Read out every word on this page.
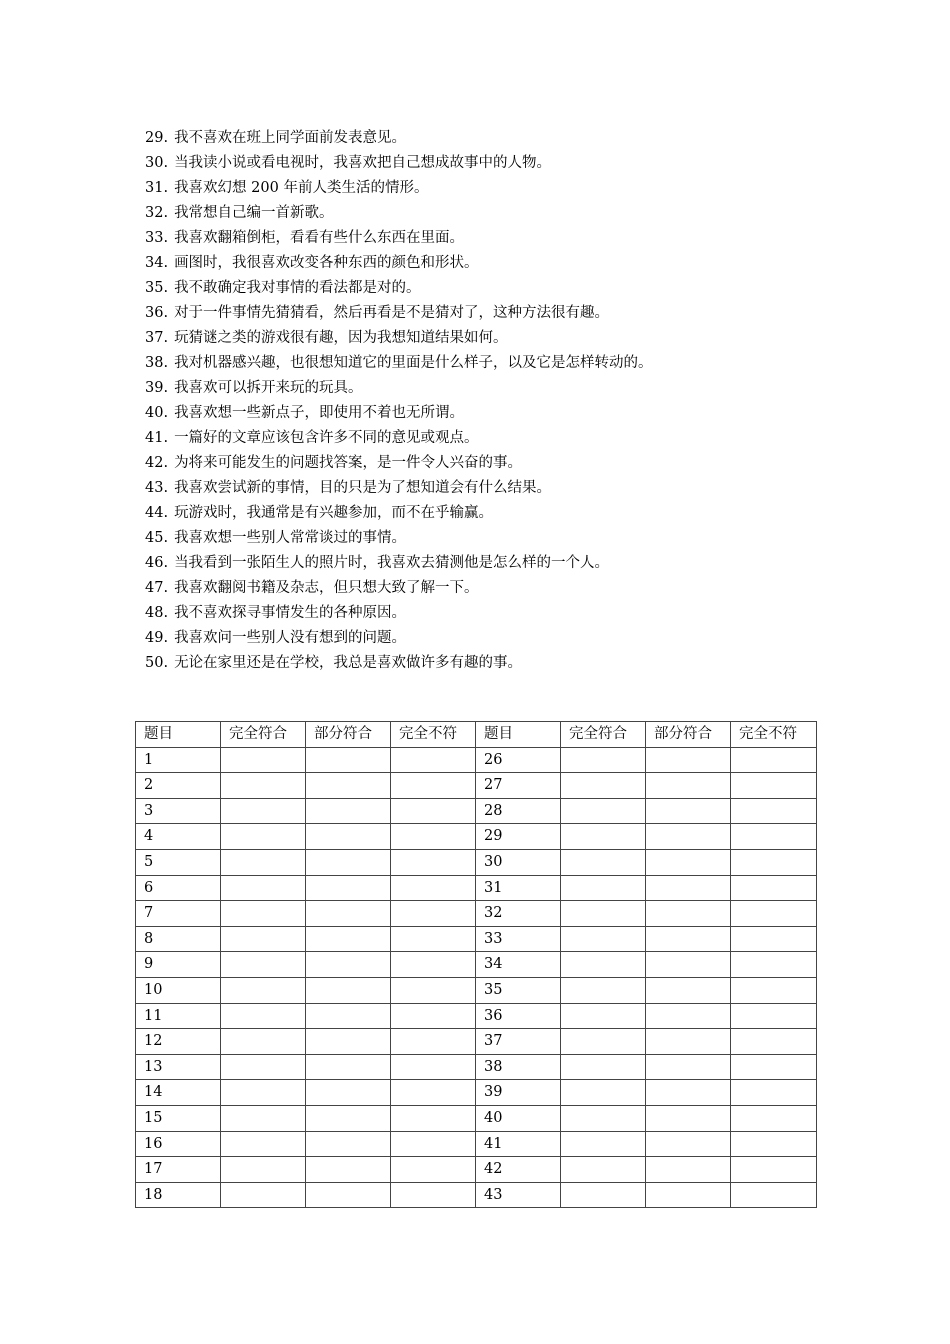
29. 我不喜欢在班上同学面前发表意见。
30. 当我读小说或看电视时，我喜欢把自己想成故事中的人物。
31. 我喜欢幻想 200 年前人类生活的情形。
32. 我常想自己编一首新歌。
33. 我喜欢翻箱倒柜，看看有些什么东西在里面。
34. 画图时，我很喜欢改变各种东西的颜色和形状。
35. 我不敢确定我对事情的看法都是对的。
36. 对于一件事情先猜猜看，然后再看是不是猜对了，这种方法很有趣。
37. 玩猜谜之类的游戏很有趣，因为我想知道结果如何。
38. 我对机器感兴趣，也很想知道它的里面是什么样子，以及它是怎样转动的。
39. 我喜欢可以拆开来玩的玩具。
40. 我喜欢想一些新点子，即使用不着也无所谓。
41. 一篇好的文章应该包含许多不同的意见或观点。
42. 为将来可能发生的问题找答案，是一件令人兴奋的事。
43. 我喜欢尝试新的事情，目的只是为了想知道会有什么结果。
44. 玩游戏时，我通常是有兴趣参加，而不在乎输赢。
45. 我喜欢想一些别人常常谈过的事情。
46. 当我看到一张陌生人的照片时，我喜欢去猜测他是怎么样的一个人。
47. 我喜欢翻阅书籍及杂志，但只想大致了解一下。
48. 我不喜欢探寻事情发生的各种原因。
49. 我喜欢问一些别人没有想到的问题。
50. 无论在家里还是在学校，我总是喜欢做许多有趣的事。
题目	完全符合	部分符合	完全不符	题目	完全符合	部分符合	完全不符
1				26			
2				27			
3				28			
4				29			
5				30			
6				31			
7				32			
8				33			
9				34			
10				35			
11				36			
12				37			
13				38			
14				39			
15				40			
16				41			
17				42			
18				43			
